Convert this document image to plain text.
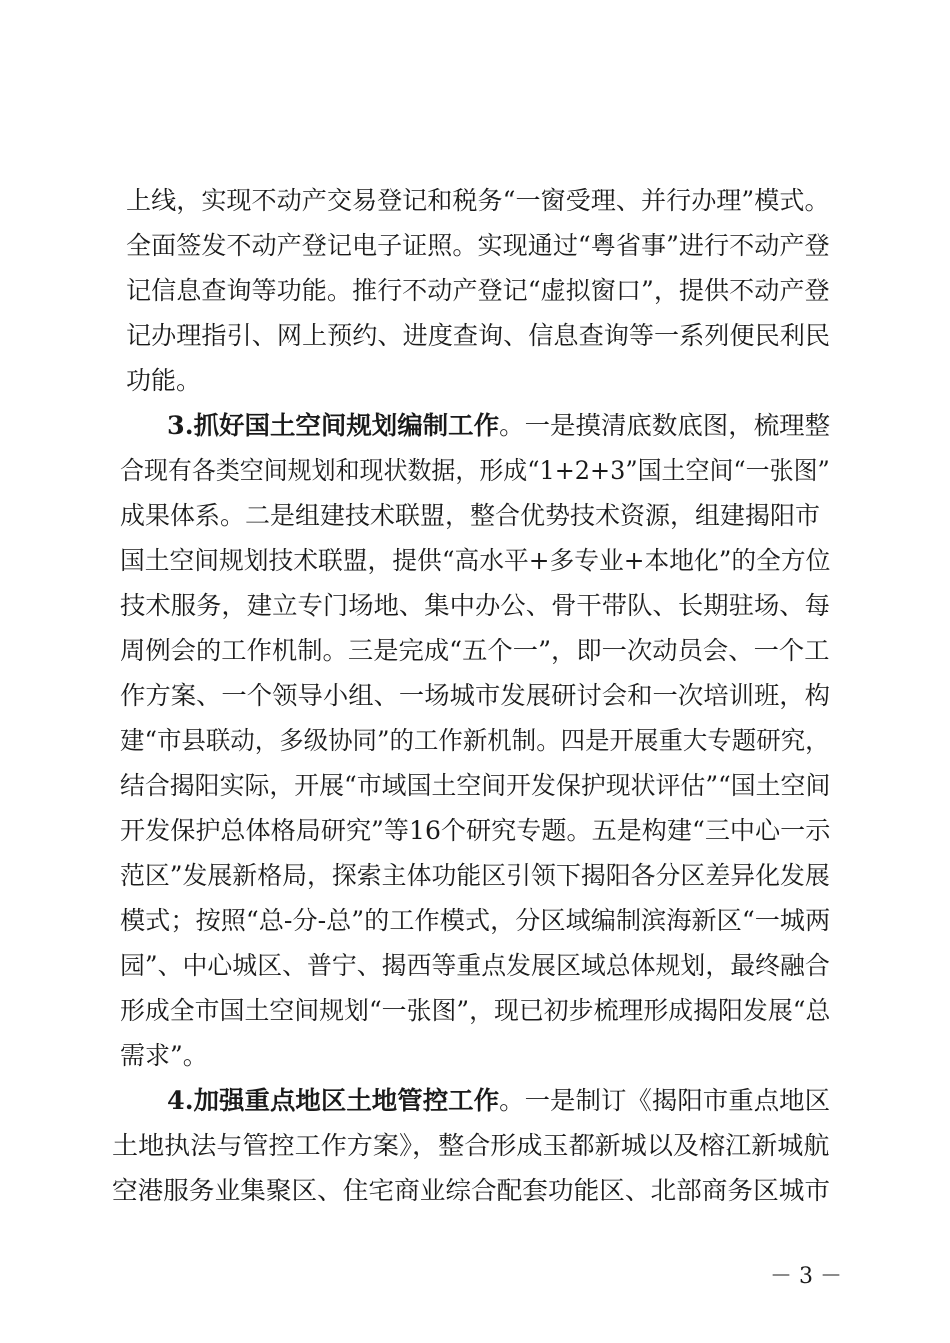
上线，实现不动产交易登记和税务“一窗受理、并行办理”模式。
全面签发不动产登记电子证照。实现通过“粤省事”进行不动产登
记信息查询等功能。推行不动产登记“虚拟窗口”，提供不动产登
记办理指引、网上预约、进度查询、信息查询等一系列便民利民
功能。
3.抓好国土空间规划编制工作。一是摸清底数底图，梳理整
合现有各类空间规划和现状数据，形成“1+2+3”国土空间“一张图”
成果体系。二是组建技术联盟，整合优势技术资源，组建揭阳市
国土空间规划技术联盟，提供“高水平+多专业+本地化”的全方位
技术服务，建立专门场地、集中办公、骨干带队、长期驻场、每
周例会的工作机制。三是完成“五个一”，即一次动员会、一个工
作方案、一个领导小组、一场城市发展研讨会和一次培训班，构
建“市县联动，多级协同”的工作新机制。四是开展重大专题研究，
结合揭阳实际，开展“市域国土空间开发保护现状评估”“国土空间
开发保护总体格局研究”等16个研究专题。五是构建“三中心一示
范区”发展新格局，探索主体功能区引领下揭阳各分区差异化发展
模式；按照“总-分-总”的工作模式，分区域编制滨海新区“一城两
园”、中心城区、普宁、揭西等重点发展区域总体规划，最终融合
形成全市国土空间规划“一张图”，现已初步梳理形成揭阳发展“总
需求”。
4.加强重点地区土地管控工作。一是制订《揭阳市重点地区
土地执法与管控工作方案》，整合形成玉都新城以及榕江新城航
空港服务业集聚区、住宅商业综合配套功能区、北部商务区城市
－ 3 －
